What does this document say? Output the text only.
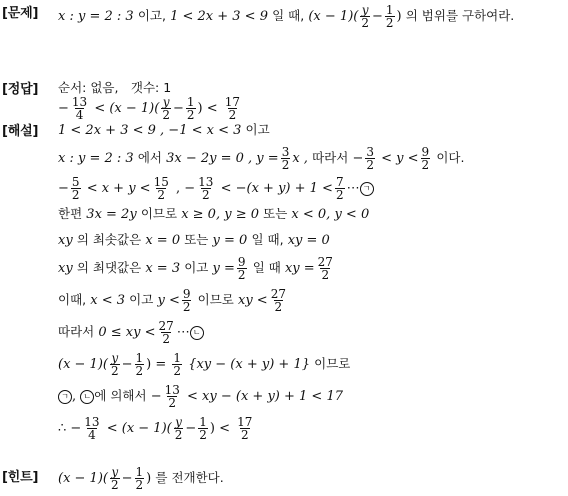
[문제] x : y = 2 : 3 이고, 1 < 2x + 3 < 9 일 때, $(x - 1)( \frac{y}{2} - \frac{1}{2}$ ) 의 범위를 구하여라.
[정답] 순서: 없음, 갯수: 1
− $\frac{13}{4} < (x - 1)( \frac{y}{2} - \frac{1}{2}$ ) < $\frac{17}{2}$
[해설] 1 < 2x + 3 < 9 , −1 < x < 3 이고
x : y = 2 : 3 에서 3x − 2y = 0 , $y = \frac{3}{2}$ x , 따라서 − $\frac{3}{2} < y < \frac{9}{2}$ 이다.
− $\frac{5}{2} < x + y < \frac{15}{2}$ , − $\frac{13}{2} < -(x + y) + 1 < \frac{7}{2}$ ⋯ ㄱ
한편 3x = 2y 이므로 x ≥ 0, y ≥ 0 또는 x < 0, y < 0
xy 의 최솟값은 x = 0 또는 y = 0 일 때, xy = 0
xy 의 최댓값은 x = 3 이고 $y = \frac{9}{2}$ 일 때 xy = $\frac{27}{2}$
이때, x < 3 이고 $y < \frac{9}{2}$ 이므로 xy < $\frac{27}{2}$
따라서 0 ≤ xy < $\frac{27}{2}$ ⋯ ㄴ
$(x - 1)( \frac{y}{2} - \frac{1}{2}$ ) = $\frac{1}{2} \{xy - (x + y) + 1\}$ 이므로
ㄱ , ㄴ 에 의해서 − $\frac{13}{2}$ < xy − (x + y) + 1 < 17
∴ − $\frac{13}{4} < (x - 1)( \frac{y}{2} - \frac{1}{2}$ ) < $\frac{17}{2}$
[힌트] $(x - 1)( \frac{y}{2} - \frac{1}{2}$ ) 를 전개한다.
